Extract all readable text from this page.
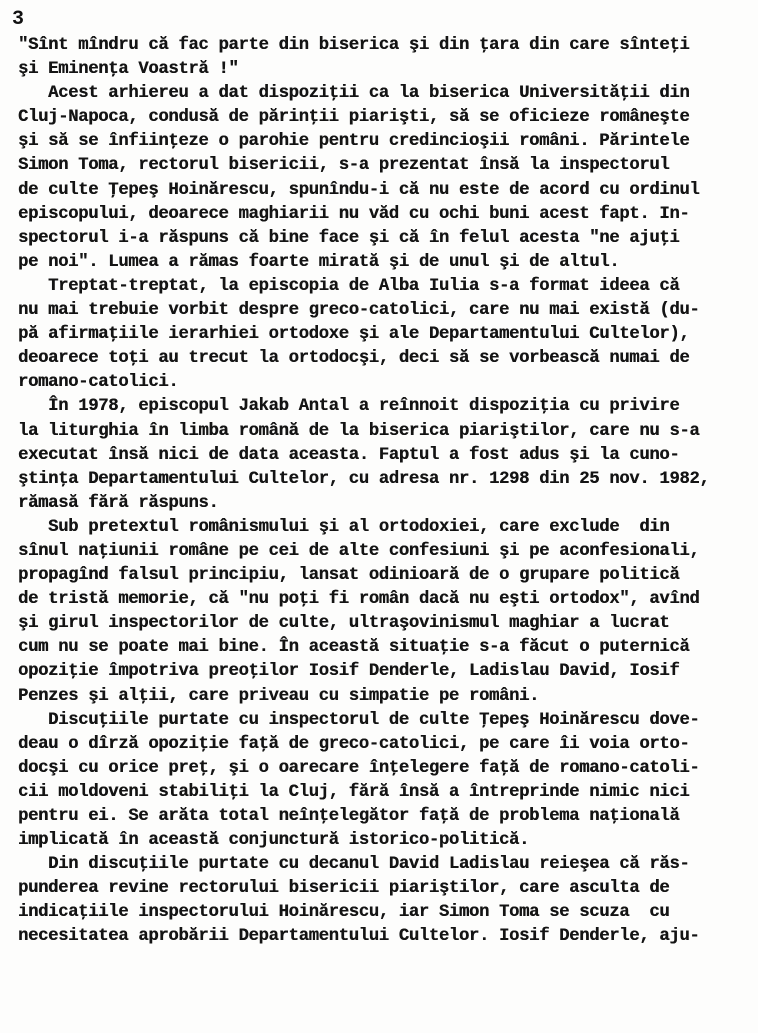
3
"Sînt mîndru că fac parte din biserica şi din ţara din care sînteţi
şi Eminenţa Voastră !"
Acest arhiereu a dat dispoziţii ca la biserica Universităţii din
Cluj-Napoca, condusă de părinţii piarişti, să se oficieze româneşte
şi să se înfiinţeze o parohie pentru credincioşii români. Părintele
Simon Toma, rectorul bisericii, s-a prezentat însă la inspectorul
de culte Ţepeş Hoinărescu, spunîndu-i că nu este de acord cu ordinul
episcopului, deoarece maghiarii nu văd cu ochi buni acest fapt. In-
spectorul i-a răspuns că bine face şi că în felul acesta "ne ajuţi
pe noi". Lumea a rămas foarte mirată şi de unul şi de altul.
Treptat-treptat, la episcopia de Alba Iulia s-a format ideea că
nu mai trebuie vorbit despre greco-catolici, care nu mai există (du-
pă afirmaţiile ierarhiei ortodoxe şi ale Departamentului Cultelor),
deoarece toţi au trecut la ortodocşi, deci să se vorbească numai de
romano-catolici.
În 1978, episcopul Jakab Antal a reînnoit dispoziţia cu privire
la liturghia în limba română de la biserica piariştilor, care nu s-a
executat însă nici de data aceasta. Faptul a fost adus şi la cuno-
ştinţa Departamentului Cultelor, cu adresa nr. 1298 din 25 nov. 1982,
rămasă fără răspuns.
Sub pretextul românismului şi al ortodoxiei, care exclude  din
sînul naţiunii române pe cei de alte confesiuni şi pe aconfesionali,
propagînd falsul principiu, lansat odinioară de o grupare politică
de tristă memorie, că "nu poţi fi român dacă nu eşti ortodox", avînd
şi girul inspectorilor de culte, ultraşovinismul maghiar a lucrat
cum nu se poate mai bine. În această situaţie s-a făcut o puternică
opoziţie împotriva preoţilor Iosif Denderle, Ladislau David, Iosif
Penzes şi alţii, care priveau cu simpatie pe români.
Discuţiile purtate cu inspectorul de culte Ţepeş Hoinărescu dove-
deau o dîrză opoziţie faţă de greco-catolici, pe care îi voia orto-
docşi cu orice preţ, şi o oarecare înţelegere faţă de romano-catoli-
cii moldoveni stabiliţi la Cluj, fără însă a întreprinde nimic nici
pentru ei. Se arăta total neînţelegător faţă de problema naţională
implicată în această conjunctură istorico-politică.
Din discuţiile purtate cu decanul David Ladislau reieşea că răs-
punderea revine rectorului bisericii piariştilor, care asculta de
indicaţiile inspectorului Hoinărescu, iar Simon Toma se scuza  cu
necesitatea aprobării Departamentului Cultelor. Iosif Denderle, aju-
